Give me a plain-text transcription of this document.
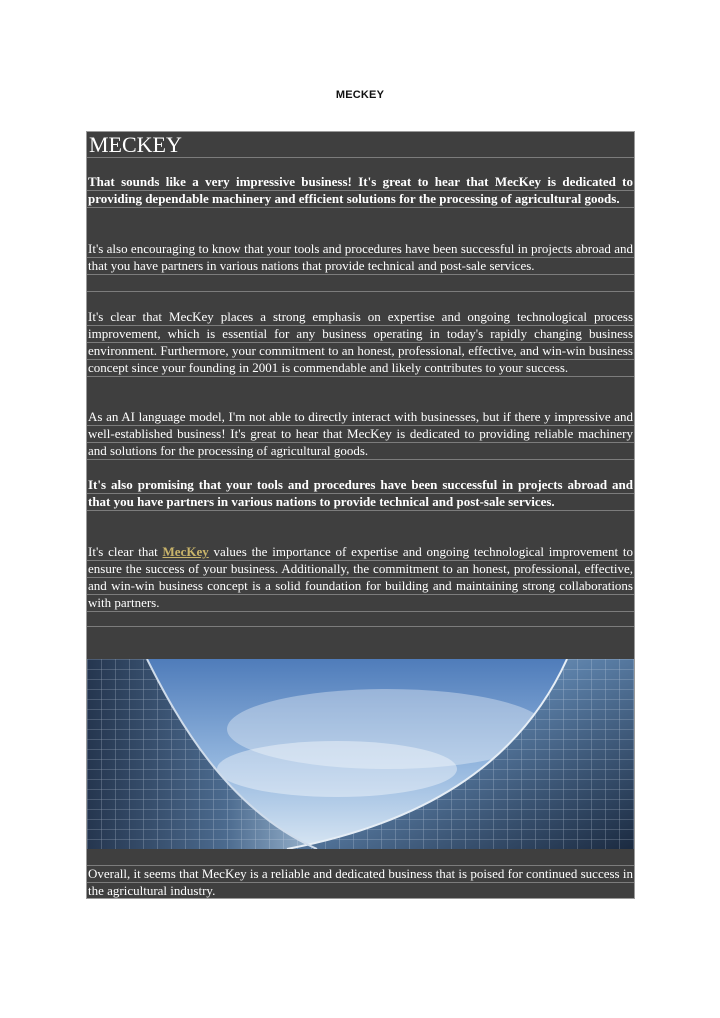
MECKEY
MECKEY

That sounds like a very impressive business! It's great to hear that MecKey is dedicated to providing dependable machinery and efficient solutions for the processing of agricultural goods.

It's also encouraging to know that your tools and procedures have been successful in projects abroad and that you have partners in various nations that provide technical and post-sale services.

It's clear that MecKey places a strong emphasis on expertise and ongoing technological process improvement, which is essential for any business operating in today's rapidly changing business environment. Furthermore, your commitment to an honest, professional, effective, and win-win business concept since your founding in 2001 is commendable and likely contributes to your success.

As an AI language model, I'm not able to directly interact with businesses, but if there y impressive and well-established business! It's great to hear that MecKey is dedicated to providing reliable machinery and solutions for the processing of agricultural goods.

It's also promising that your tools and procedures have been successful in projects abroad and that you have partners in various nations to provide technical and post-sale services.

It's clear that MecKey values the importance of expertise and ongoing technological improvement to ensure the success of your business. Additionally, the commitment to an honest, professional, effective, and win-win business concept is a solid foundation for building and maintaining strong collaborations with partners.

Overall, it seems that MecKey is a reliable and dedicated business that is poised for continued success in the agricultural industry.
